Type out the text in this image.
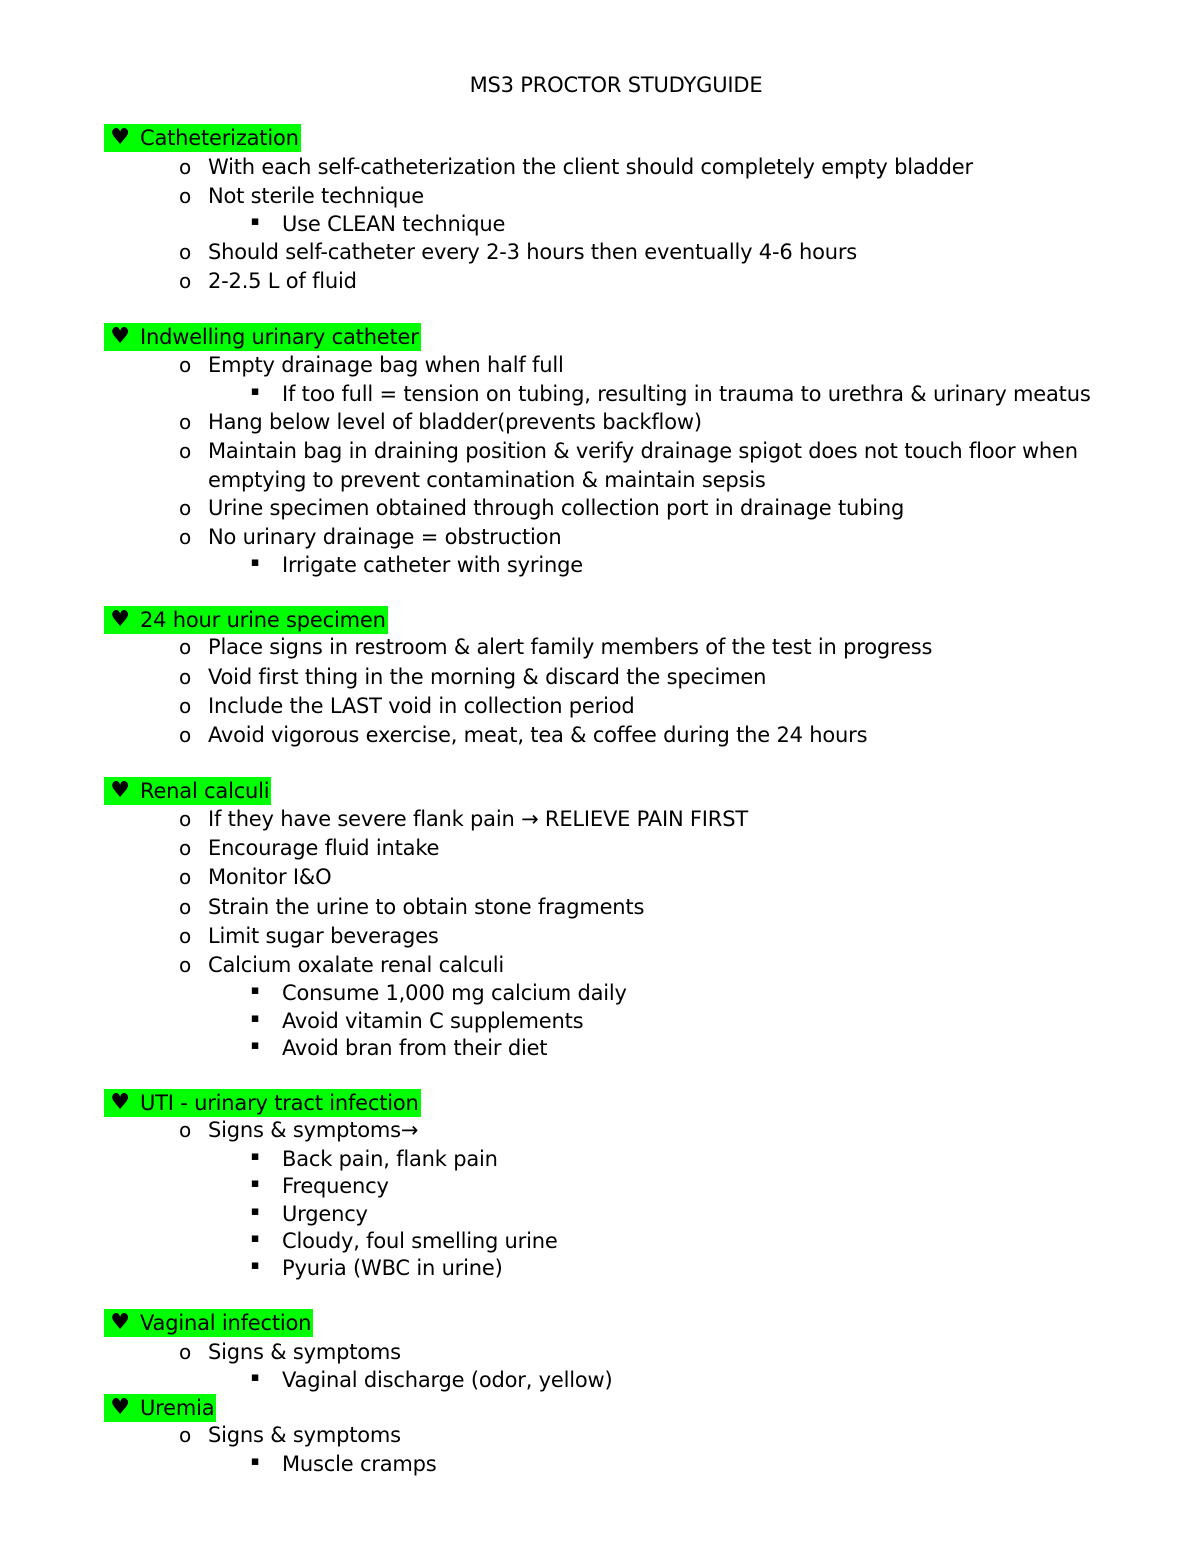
MS3 PROCTOR STUDYGUIDE
♥ Catheterization
o With each self-catheterization the client should completely empty bladder
o Not sterile technique
▪ Use CLEAN technique
o Should self-catheter every 2-3 hours then eventually 4-6 hours
o 2-2.5 L of fluid
♥ Indwelling urinary catheter
o Empty drainage bag when half full
▪ If too full = tension on tubing, resulting in trauma to urethra & urinary meatus
o Hang below level of bladder(prevents backflow)
o Maintain bag in draining position & verify drainage spigot does not touch floor when
emptying to prevent contamination & maintain sepsis
o Urine specimen obtained through collection port in drainage tubing
o No urinary drainage = obstruction
▪ Irrigate catheter with syringe
♥ 24 hour urine specimen
o Place signs in restroom & alert family members of the test in progress
o Void first thing in the morning & discard the specimen
o Include the LAST void in collection period
o Avoid vigorous exercise, meat, tea & coffee during the 24 hours
♥ Renal calculi
o If they have severe flank pain → RELIEVE PAIN FIRST
o Encourage fluid intake
o Monitor I&O
o Strain the urine to obtain stone fragments
o Limit sugar beverages
o Calcium oxalate renal calculi
▪ Consume 1,000 mg calcium daily
▪ Avoid vitamin C supplements
▪ Avoid bran from their diet
♥ UTI - urinary tract infection
o Signs & symptoms→
▪ Back pain, flank pain
▪ Frequency
▪ Urgency
▪ Cloudy, foul smelling urine
▪ Pyuria (WBC in urine)
♥ Vaginal infection
o Signs & symptoms
▪ Vaginal discharge (odor, yellow)
♥ Uremia
o Signs & symptoms
▪ Muscle cramps
